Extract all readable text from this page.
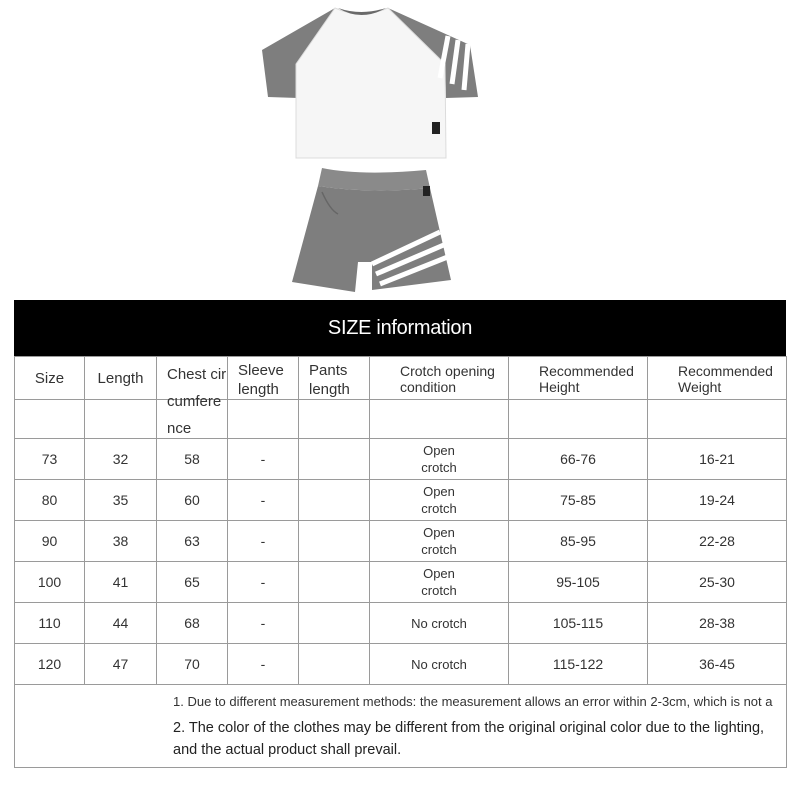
SIZE information
Size	Length	Chest circumference	Sleeve length	Pants length	Crotch opening condition	Recommended Height	Recommended Weight

73	32	58	-		Open crotch	66-76	16-21
80	35	60	-		Open crotch	75-85	19-24
90	38	63	-		Open crotch	85-95	22-28
100	41	65	-		Open crotch	95-105	25-30
110	44	68	-		No crotch	105-115	28-38
120	47	70	-		No crotch	115-122	36-45

1. Due to different measurement methods: the measurement allows an error within 2-3cm, which is not a
2. The color of the clothes may be different from the original original color due to the lighting, and the actual product shall prevail.							
